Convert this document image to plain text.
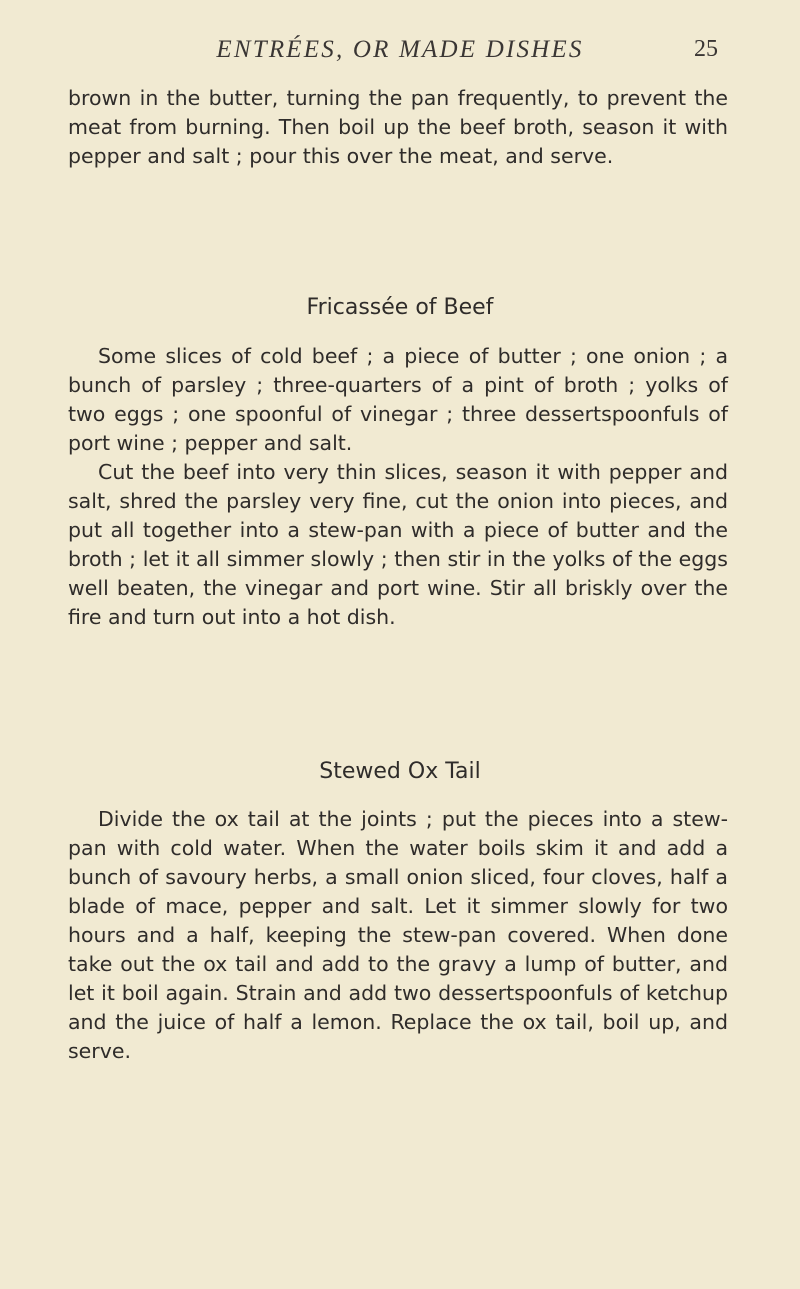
ENTRÉES, OR MADE DISHES	25

brown in the butter, turning the pan frequently, to prevent the meat from burning. Then boil up the beef broth, season it with pepper and salt ; pour this over the meat, and serve.

Fricassée of Beef

Some slices of cold beef ; a piece of butter ; one onion ; a bunch of parsley ; three-quarters of a pint of broth ; yolks of two eggs ; one spoonful of vinegar ; three dessertspoonfuls of port wine ; pepper and salt.

Cut the beef into very thin slices, season it with pepper and salt, shred the parsley very fine, cut the onion into pieces, and put all together into a stew-pan with a piece of butter and the broth ; let it all simmer slowly ; then stir in the yolks of the eggs well beaten, the vinegar and port wine. Stir all briskly over the fire and turn out into a hot dish.

Stewed Ox Tail

Divide the ox tail at the joints ; put the pieces into a stew-pan with cold water. When the water boils skim it and add a bunch of savoury herbs, a small onion sliced, four cloves, half a blade of mace, pepper and salt. Let it simmer slowly for two hours and a half, keeping the stew-pan covered. When done take out the ox tail and add to the gravy a lump of butter, and let it boil again. Strain and add two dessertspoonfuls of ketchup and the juice of half a lemon. Replace the ox tail, boil up, and serve.
